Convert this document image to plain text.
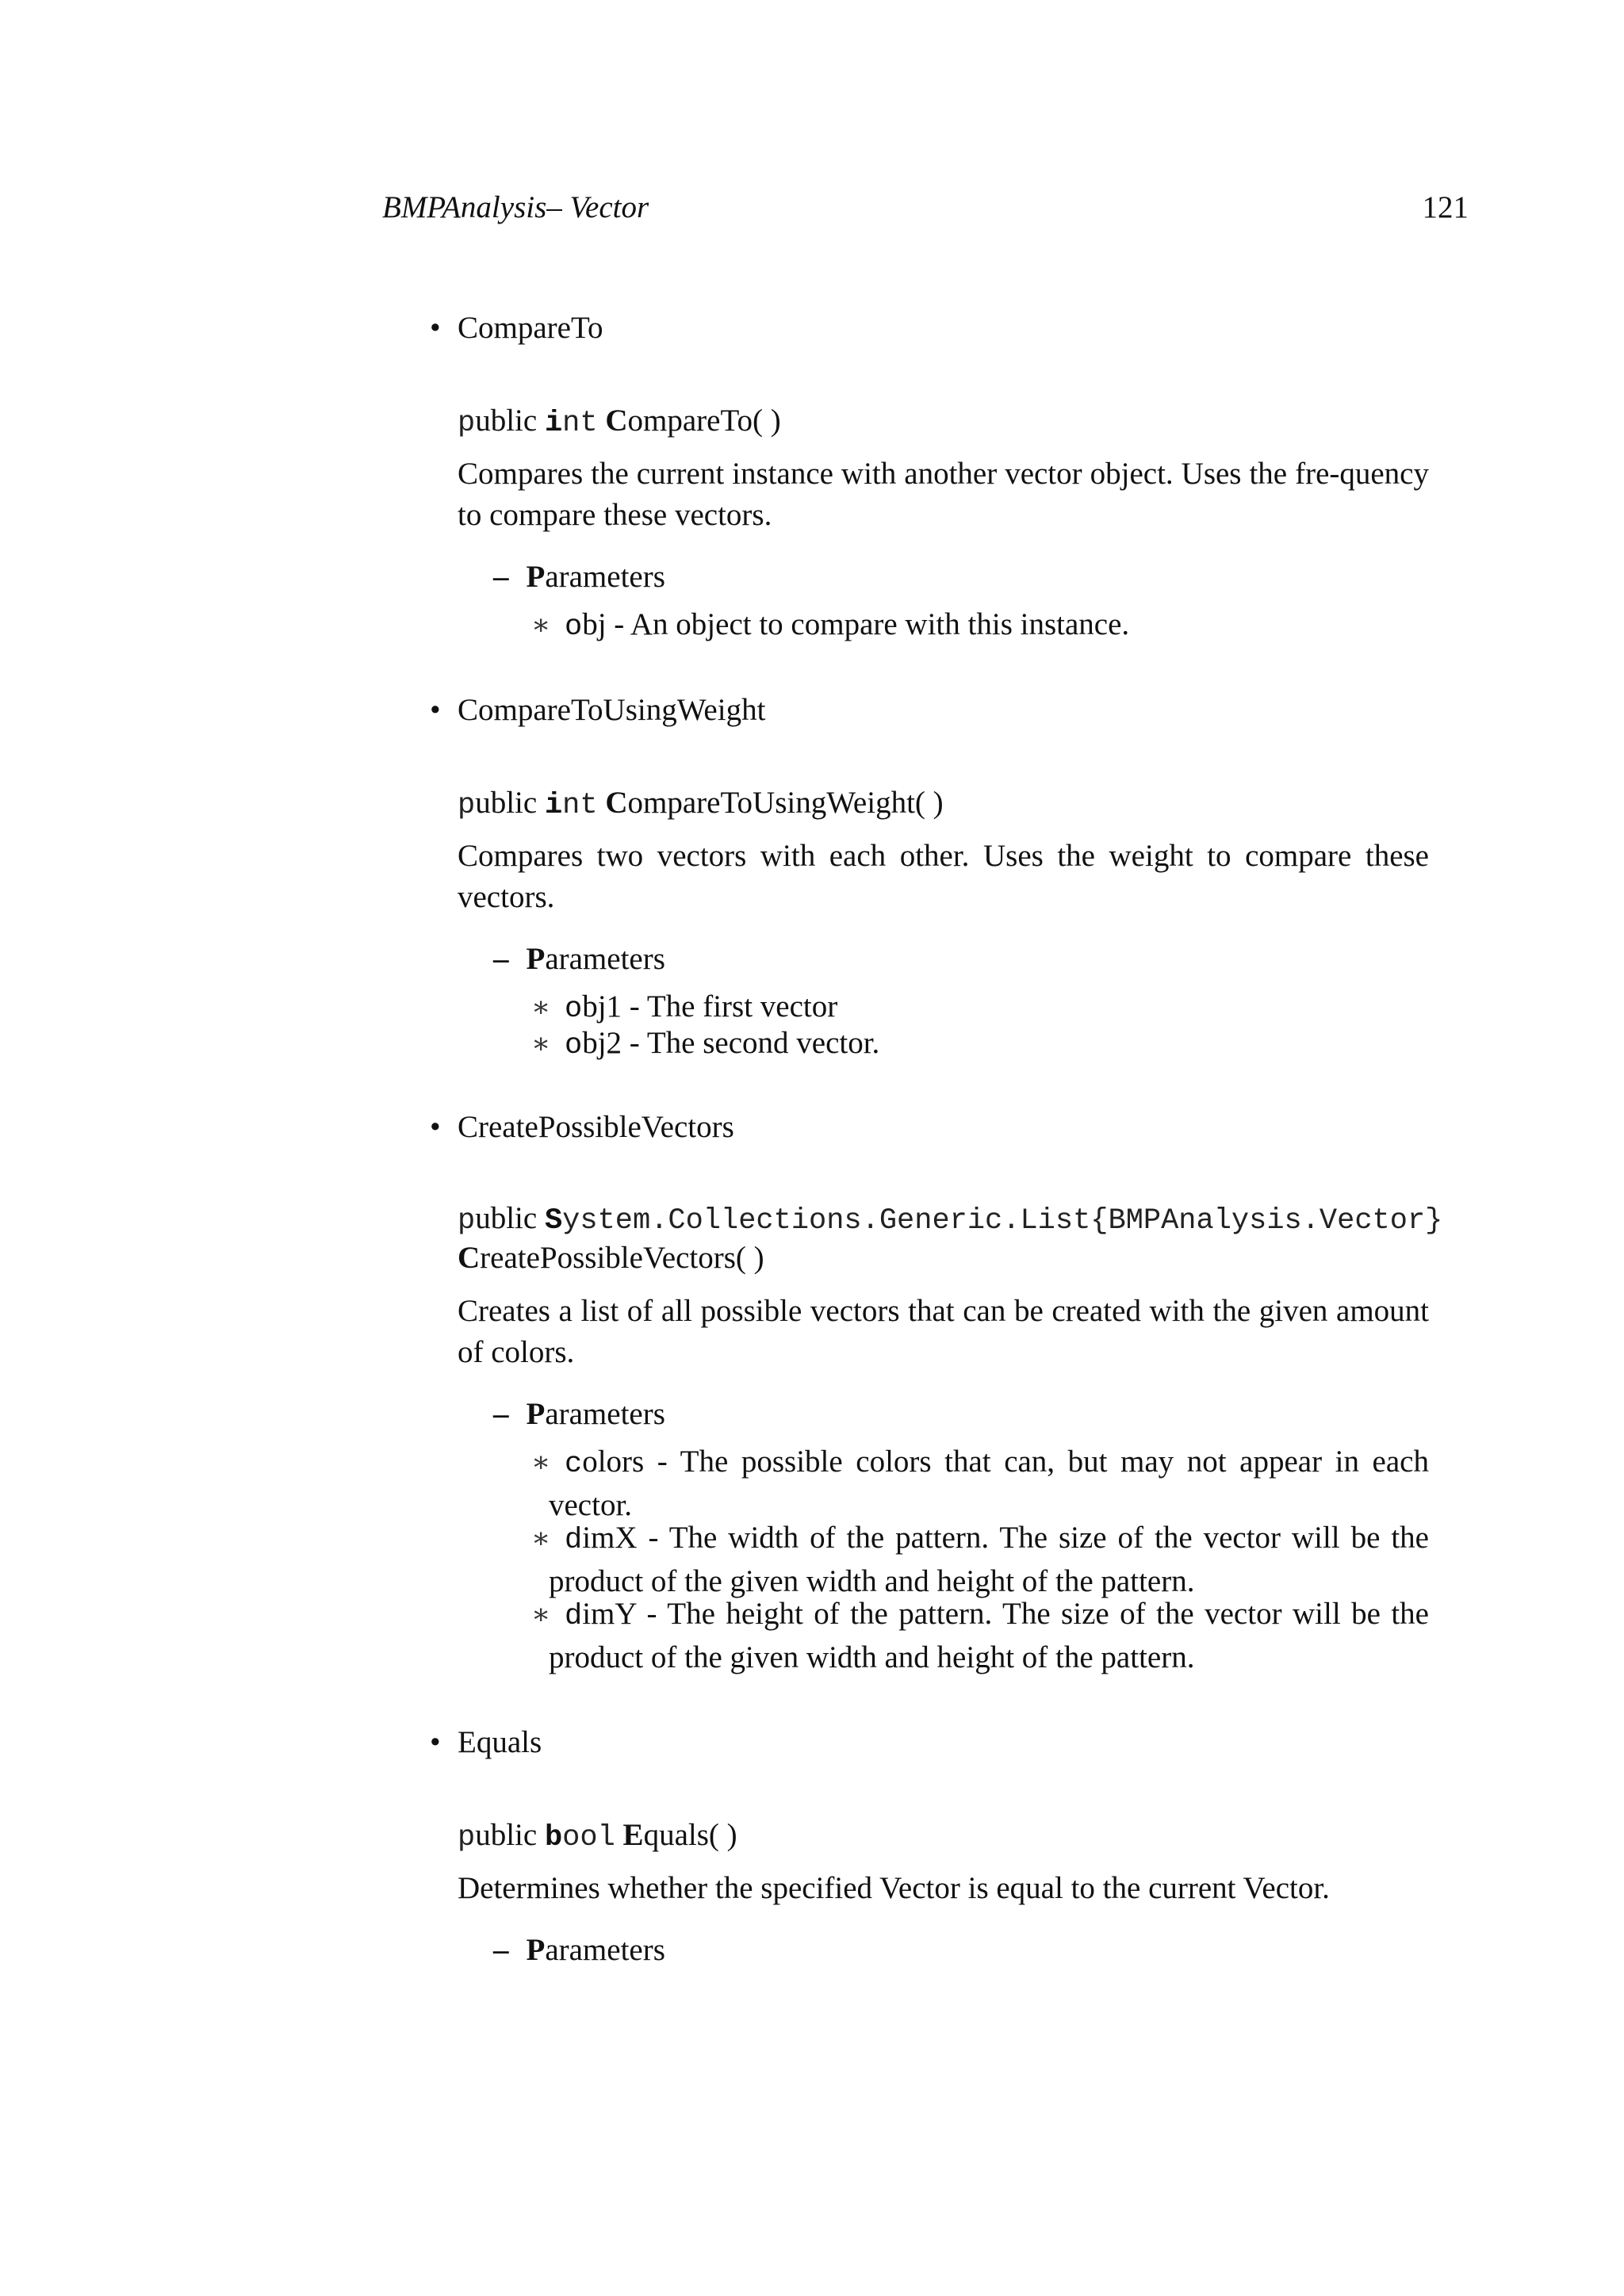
BMPAnalysis– Vector	121
• CompareTo
public int CompareTo( )
Compares the current instance with another vector object. Uses the fre-quency to compare these vectors.
– Parameters
∗ obj - An object to compare with this instance.
• CompareToUsingWeight
public int CompareToUsingWeight( )
Compares two vectors with each other. Uses the weight to compare these vectors.
– Parameters
∗ obj1 - The first vector
∗ obj2 - The second vector.
• CreatePossibleVectors
public System.Collections.Generic.List{BMPAnalysis.Vector}
CreatePossibleVectors( )
Creates a list of all possible vectors that can be created with the given amount of colors.
– Parameters
∗ colors - The possible colors that can, but may not appear in each vector.
∗ dimX - The width of the pattern. The size of the vector will be the product of the given width and height of the pattern.
∗ dimY - The height of the pattern. The size of the vector will be the product of the given width and height of the pattern.
• Equals
public bool Equals( )
Determines whether the specified Vector is equal to the current Vector.
– Parameters
